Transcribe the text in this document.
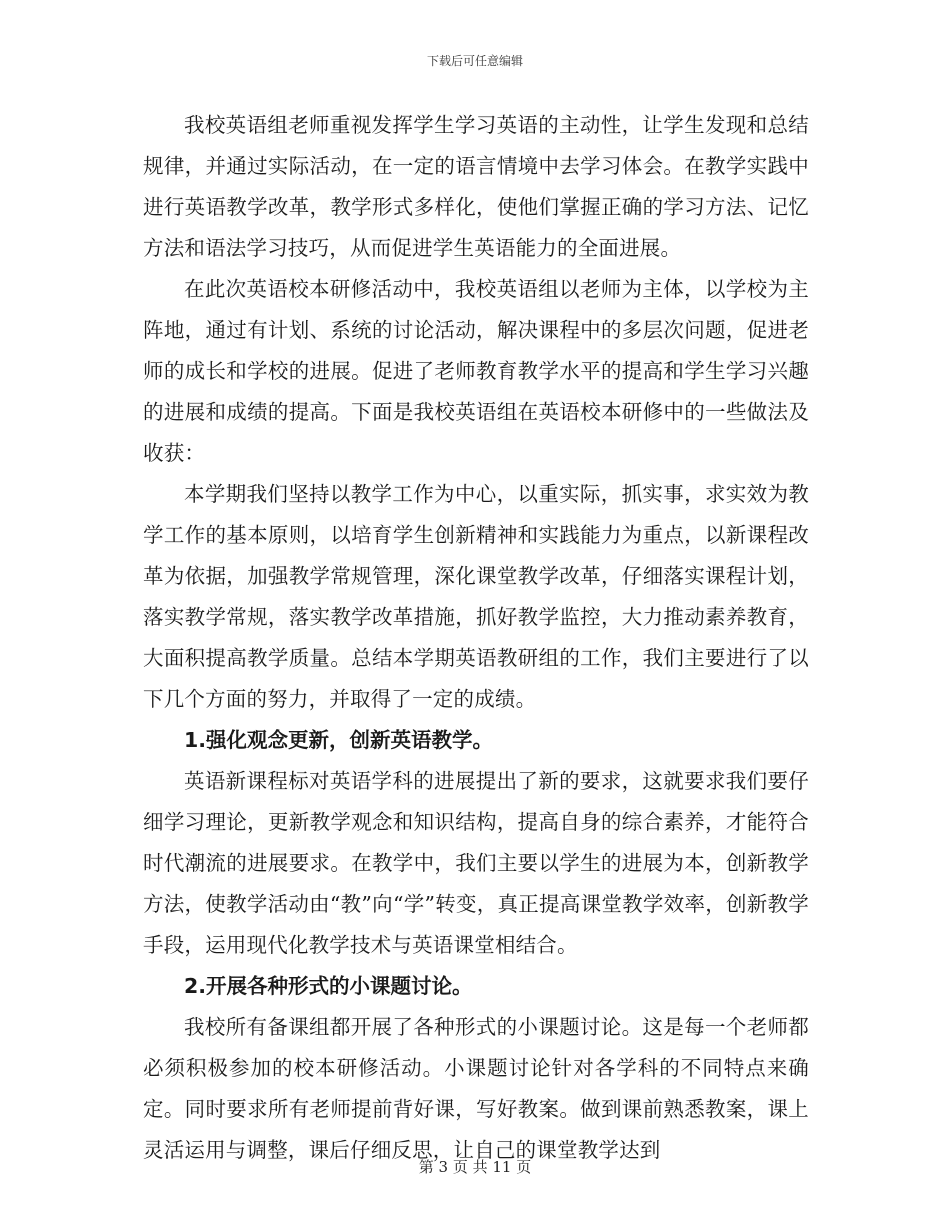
下载后可任意编辑

我校英语组老师重视发挥学生学习英语的主动性，让学生发现和总结规律，并通过实际活动，在一定的语言情境中去学习体会。在教学实践中进行英语教学改革，教学形式多样化，使他们掌握正确的学习方法、记忆方法和语法学习技巧，从而促进学生英语能力的全面进展。

在此次英语校本研修活动中，我校英语组以老师为主体，以学校为主阵地，通过有计划、系统的讨论活动，解决课程中的多层次问题，促进老师的成长和学校的进展。促进了老师教育教学水平的提高和学生学习兴趣的进展和成绩的提高。下面是我校英语组在英语校本研修中的一些做法及收获：

本学期我们坚持以教学工作为中心，以重实际，抓实事，求实效为教学工作的基本原则，以培育学生创新精神和实践能力为重点，以新课程改革为依据，加强教学常规管理，深化课堂教学改革，仔细落实课程计划，落实教学常规，落实教学改革措施，抓好教学监控，大力推动素养教育，大面积提高教学质量。总结本学期英语教研组的工作，我们主要进行了以下几个方面的努力，并取得了一定的成绩。

1.强化观念更新，创新英语教学。

英语新课程标对英语学科的进展提出了新的要求，这就要求我们要仔细学习理论，更新教学观念和知识结构，提高自身的综合素养，才能符合时代潮流的进展要求。在教学中，我们主要以学生的进展为本，创新教学方法，使教学活动由“教”向“学”转变，真正提高课堂教学效率，创新教学手段，运用现代化教学技术与英语课堂相结合。

2.开展各种形式的小课题讨论。

我校所有备课组都开展了各种形式的小课题讨论。这是每一个老师都必须积极参加的校本研修活动。小课题讨论针对各学科的不同特点来确定。同时要求所有老师提前背好课，写好教案。做到课前熟悉教案，课上灵活运用与调整，课后仔细反思，让自己的课堂教学达到

第 3 页 共 11 页
